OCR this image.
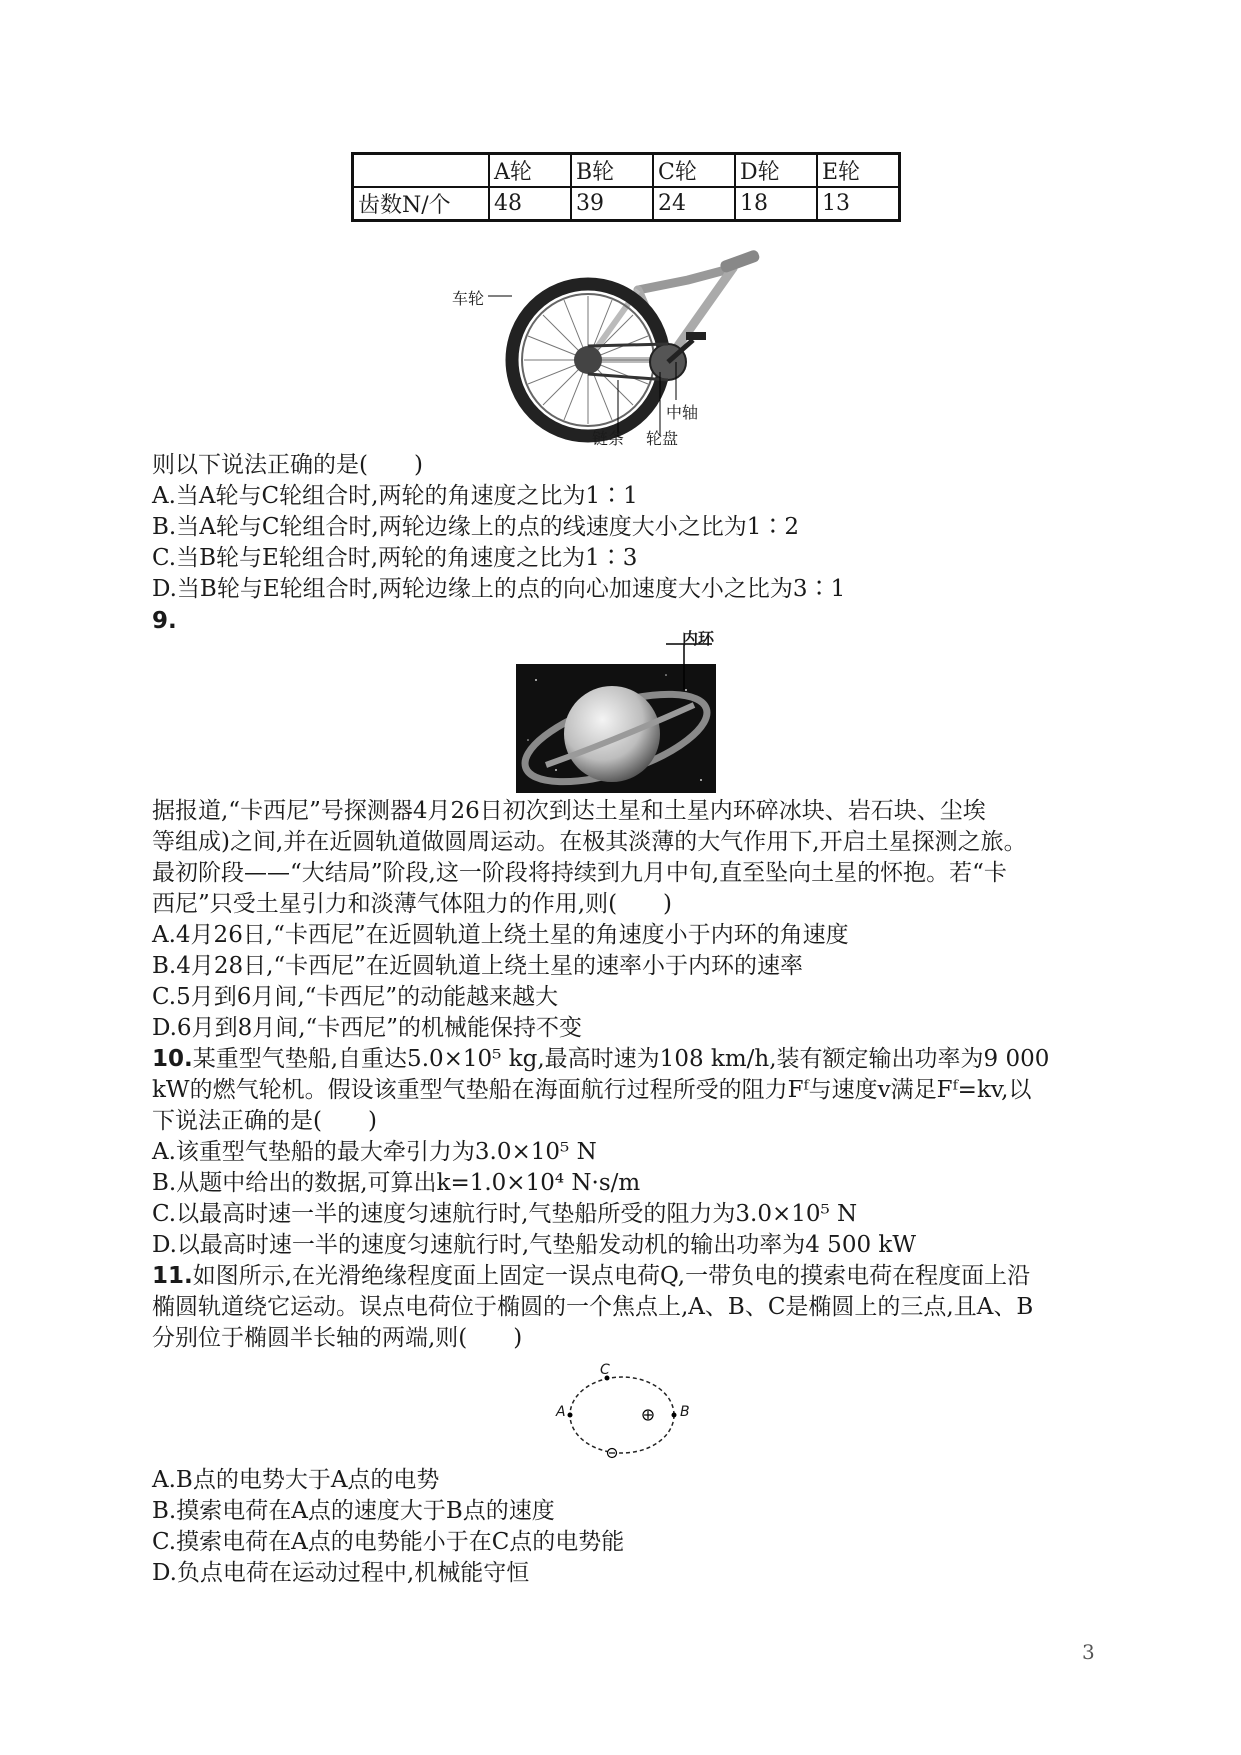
	A轮	B轮	C轮	D轮	E轮
齿数N/个	48	39	24	18	13
车轮
中轴
链条 轮盘
则以下说法正确的是(　　)
A.当A轮与C轮组合时,两轮的角速度之比为1∶1
B.当A轮与C轮组合时,两轮边缘上的点的线速度大小之比为1∶2
C.当B轮与E轮组合时,两轮的角速度之比为1∶3
D.当B轮与E轮组合时,两轮边缘上的点的向心加速度大小之比为3∶1
9.
内环
据报道,“卡西尼”号探测器4月26日初次到达土星和土星内环碎冰块、岩石块、尘埃
等组成)之间,并在近圆轨道做圆周运动。在极其淡薄的大气作用下,开启土星探测之旅。
最初阶段——“大结局”阶段,这一阶段将持续到九月中旬,直至坠向土星的怀抱。若“卡
西尼”只受土星引力和淡薄气体阻力的作用,则(　　)
A.4月26日,“卡西尼”在近圆轨道上绕土星的角速度小于内环的角速度
B.4月28日,“卡西尼”在近圆轨道上绕土星的速率小于内环的速率
C.5月到6月间,“卡西尼”的动能越来越大
D.6月到8月间,“卡西尼”的机械能保持不变
10.某重型气垫船,自重达5.0×10⁵ kg,最高时速为108 km/h,装有额定输出功率为9 000
kW的燃气轮机。假设该重型气垫船在海面航行过程所受的阻力Fᶠ与速度v满足Fᶠ=kv,以
下说法正确的是(　　)
A.该重型气垫船的最大牵引力为3.0×10⁵ N
B.从题中给出的数据,可算出k=1.0×10⁴ N·s/m
C.以最高时速一半的速度匀速航行时,气垫船所受的阻力为3.0×10⁵ N
D.以最高时速一半的速度匀速航行时,气垫船发动机的输出功率为4 500 kW
11.如图所示,在光滑绝缘程度面上固定一误点电荷Q,一带负电的摸索电荷在程度面上沿
椭圆轨道绕它运动。误点电荷位于椭圆的一个焦点上,A、B、C是椭圆上的三点,且A、B
分别位于椭圆半长轴的两端,则(　　)
A	B
C
A.B点的电势大于A点的电势
B.摸索电荷在A点的速度大于B点的速度
C.摸索电荷在A点的电势能小于在C点的电势能
D.负点电荷在运动过程中,机械能守恒
3
